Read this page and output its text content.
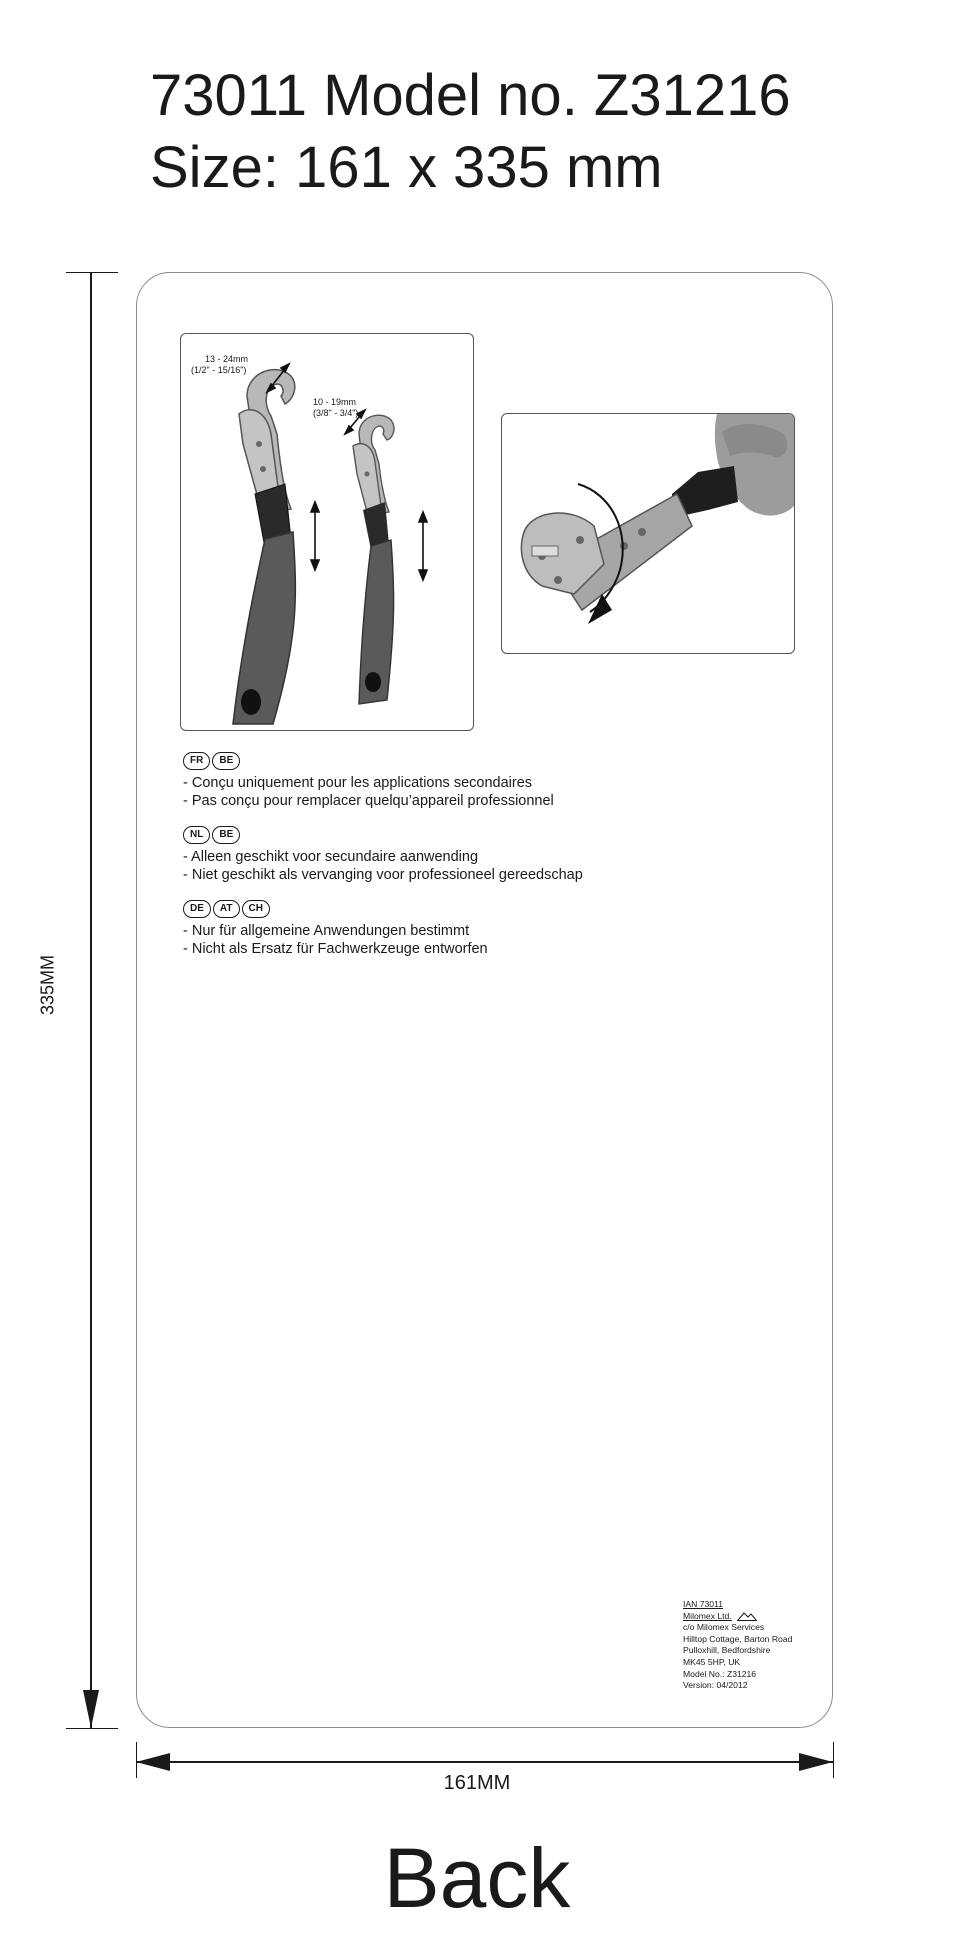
73011 Model no. Z31216
Size: 161 x 335 mm
335MM
161MM
13 - 24mm
(1/2" - 15/16")
10 - 19mm
(3/8" - 3/4")
FR	BE
- Conçu uniquement pour les applications secondaires
- Pas conçu pour remplacer quelqu’appareil professionnel
NL	BE
- Alleen geschikt voor secundaire aanwending
- Niet geschikt als vervanging voor professioneel gereedschap
DE	AT	CH
- Nur für allgemeine Anwendungen bestimmt
- Nicht als Ersatz für Fachwerkzeuge entworfen
IAN 73011
Milomex Ltd.
c/o Milomex Services
Hilltop Cottage, Barton Road
Pulloxhill, Bedfordshire
MK45 5HP, UK
Model No.: Z31216
Version: 04/2012
Back
